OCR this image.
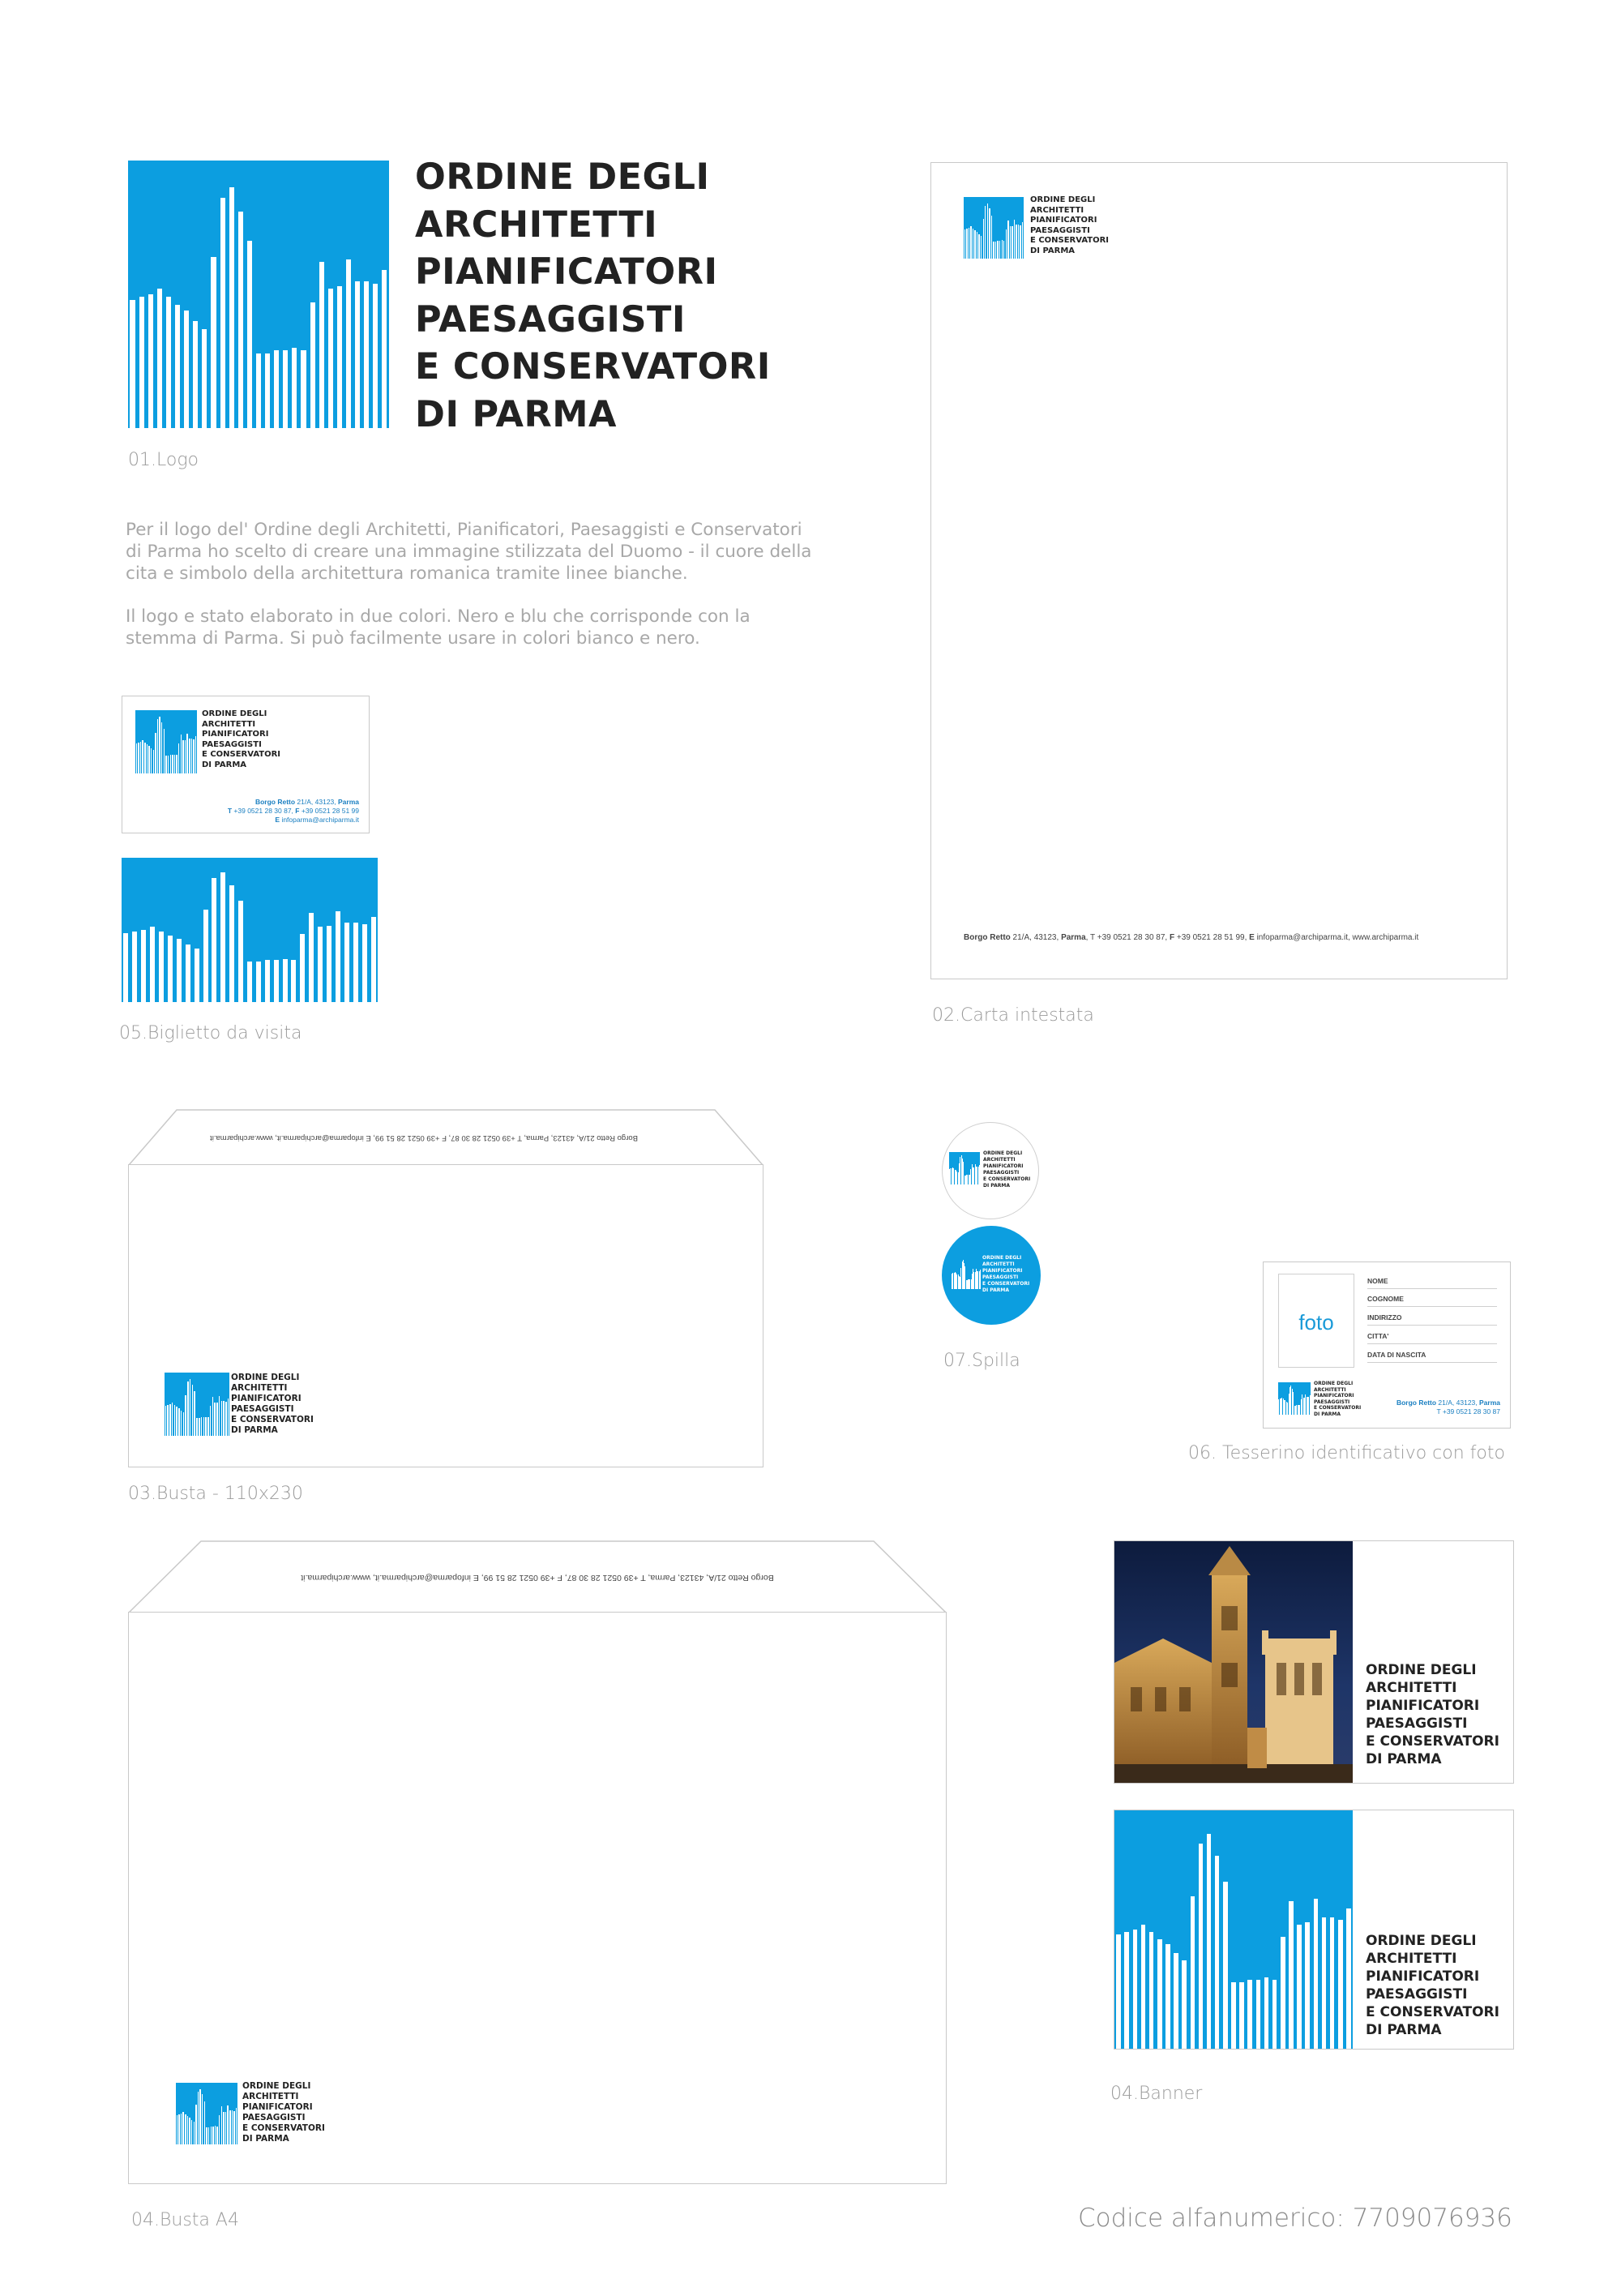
ORDINE DEGLI
ARCHITETTI
PIANIFICATORI
PAESAGGISTI
E CONSERVATORI
DI PARMA
01.Logo
Per il logo del' Ordine degli Architetti, Pianificatori, Paesaggisti e Conservatori di Parma ho scelto di creare una immagine stilizzata del Duomo - il cuore della cita e simbolo della architettura romanica tramite linee bianche.
Il logo e stato elaborato in due colori. Nero e blu che corrisponde con la stemma di Parma. Si può facilmente usare in colori bianco e nero.
ORDINE DEGLI
ARCHITETTI
PIANIFICATORI
PAESAGGISTI
E CONSERVATORI
DI PARMA
Borgo Retto 21/A, 43123, Parma
T +39 0521 28 30 87, F +39 0521 28 51 99
E infoparma@archiparma.it
05.Biglietto da visita
ORDINE DEGLI
ARCHITETTI
PIANIFICATORI
PAESAGGISTI
E CONSERVATORI
DI PARMA
Borgo Retto 21/A, 43123, Parma, T +39 0521 28 30 87, F +39 0521 28 51 99, E infoparma@archiparma.it, www.archiparma.it
02.Carta intestata
Borgo Retto 21/A, 43123, Parma, T +39 0521 28 30 87, F +39 0521 28 51 99, E infoparma@archiparma.it, www.archiparma.it
ORDINE DEGLI
ARCHITETTI
PIANIFICATORI
PAESAGGISTI
E CONSERVATORI
DI PARMA
03.Busta - 110x230
ORDINE DEGLI
ARCHITETTI
PIANIFICATORI
PAESAGGISTI
E CONSERVATORI
DI PARMA
ORDINE DEGLI
ARCHITETTI
PIANIFICATORI
PAESAGGISTI
E CONSERVATORI
DI PARMA
07.Spilla
foto
NOME
COGNOME
INDIRIZZO
CITTA'
DATA DI NASCITA
ORDINE DEGLI
ARCHITETTI
PIANIFICATORI
PAESAGGISTI
E CONSERVATORI
DI PARMA
Borgo Retto 21/A, 43123, Parma
T +39 0521 28 30 87
06. Tesserino identificativo con foto
Borgo Retto 21/A, 43123, Parma, T +39 0521 28 30 87, F +39 0521 28 51 99, E infoparma@archiparma.it, www.archiparma.it
ORDINE DEGLI
ARCHITETTI
PIANIFICATORI
PAESAGGISTI
E CONSERVATORI
DI PARMA
04.Busta A4
ORDINE DEGLI
ARCHITETTI
PIANIFICATORI
PAESAGGISTI
E CONSERVATORI
DI PARMA
ORDINE DEGLI
ARCHITETTI
PIANIFICATORI
PAESAGGISTI
E CONSERVATORI
DI PARMA
04.Banner
Codice alfanumerico: 7709076936
